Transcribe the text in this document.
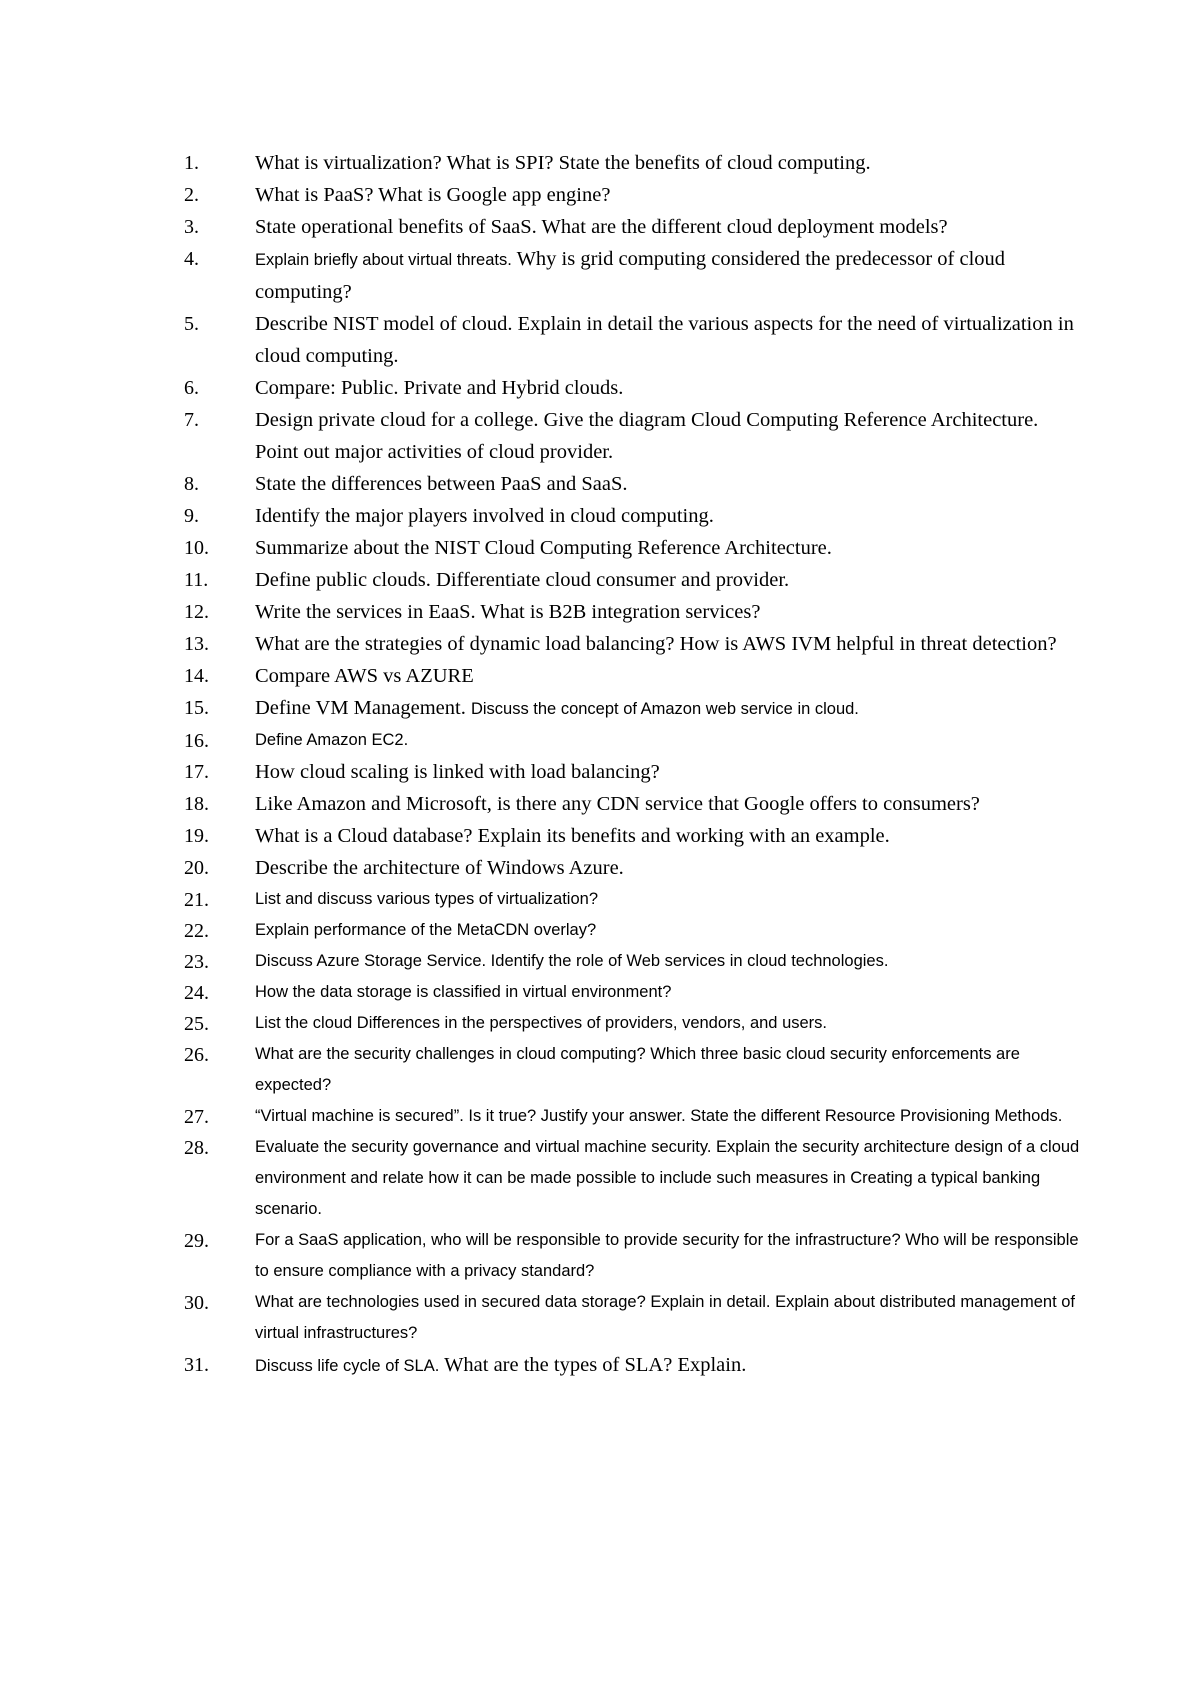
1.	What is virtualization? What is SPI? State the benefits of cloud computing.
2.	What is PaaS? What is Google app engine?
3.	State operational benefits of SaaS. What are the different cloud deployment models?
4.	Explain briefly about virtual threats. Why is grid computing considered the predecessor of cloud computing?
5.	Describe NIST model of cloud. Explain in detail the various aspects for the need of virtualization in cloud computing.
6.	Compare: Public. Private and Hybrid clouds.
7.	Design private cloud for a college. Give the diagram Cloud Computing Reference Architecture. Point out major activities of cloud provider.
8.	State the differences between PaaS and SaaS.
9.	Identify the major players involved in cloud computing.
10. Summarize about the NIST Cloud Computing Reference Architecture.
11. Define public clouds. Differentiate cloud consumer and provider.
12. Write the services in EaaS. What is B2B integration services?
13. What are the strategies of dynamic load balancing? How is AWS IVM helpful in threat detection?
14. Compare AWS vs AZURE
15. Define VM Management. Discuss the concept of Amazon web service in cloud.
16.	Define Amazon EC2.
17. How cloud scaling is linked with load balancing?
18. Like Amazon and Microsoft, is there any CDN service that Google offers to consumers?
19. What is a Cloud database? Explain its benefits and working with an example.
20. Describe the architecture of Windows Azure.
21.	List and discuss various types of virtualization?
22.	Explain performance of the MetaCDN overlay?
23.	Discuss Azure Storage Service. Identify the role of Web services in cloud technologies.
24.	How the data storage is classified in virtual environment?
25.	List the cloud Differences in the perspectives of providers, vendors, and users.
26.	What are the security challenges in cloud computing? Which three basic cloud security enforcements are expected?
27.	“Virtual machine is secured”. Is it true? Justify your answer. State the different Resource Provisioning Methods.
28.	Evaluate the security governance and virtual machine security. Explain the security architecture design of a cloud environment and relate how it can be made possible to include such measures in Creating a typical banking scenario.
29.	For a SaaS application, who will be responsible to provide security for the infrastructure? Who will be responsible to ensure compliance with a privacy standard?
30.	What are technologies used in secured data storage? Explain in detail. Explain about distributed management of virtual infrastructures?
31.	Discuss life cycle of SLA. What are the types of SLA? Explain.
